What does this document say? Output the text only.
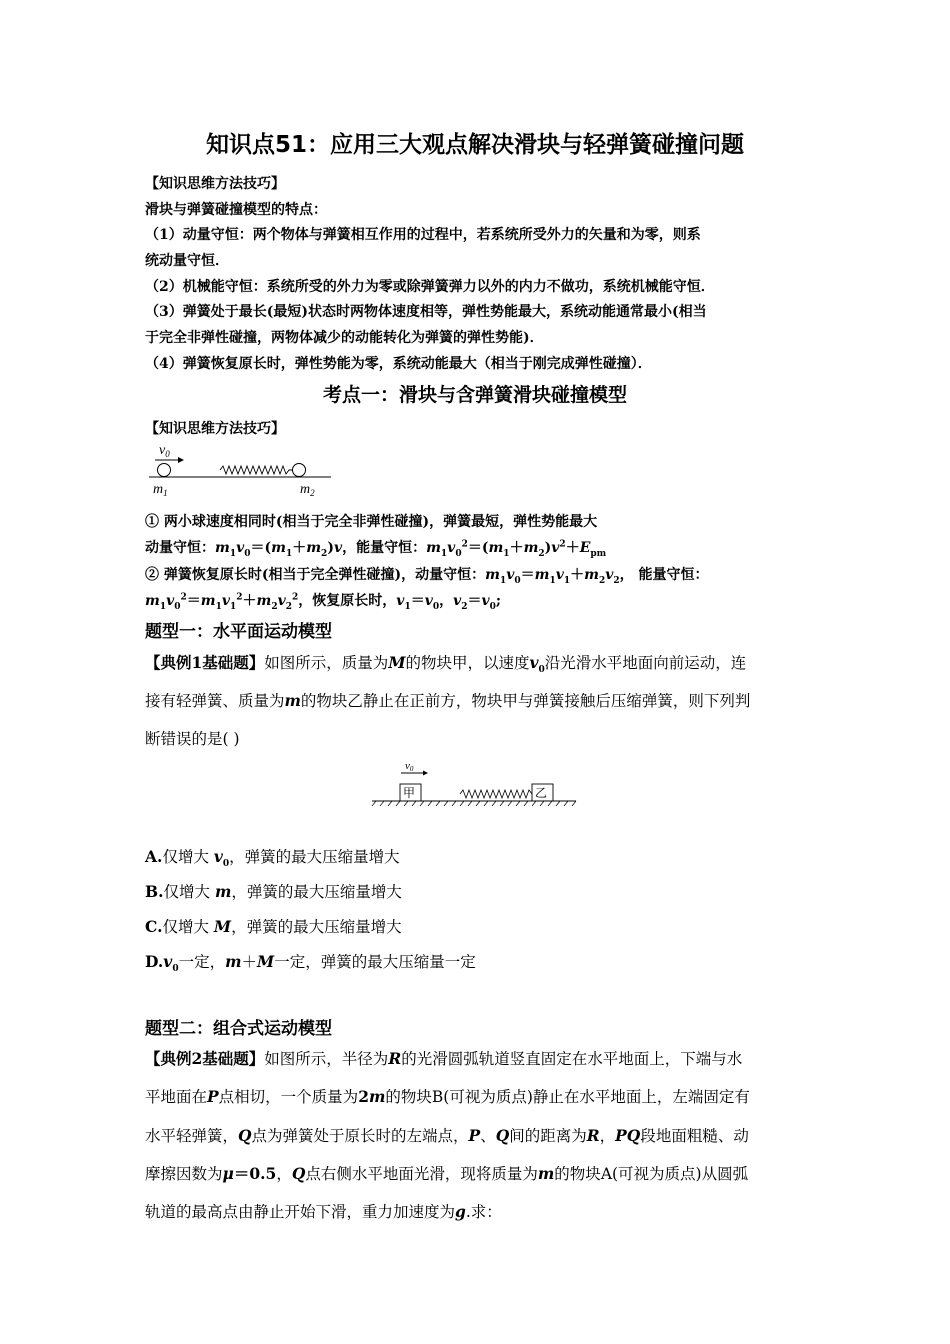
知识点51：应用三大观点解决滑块与轻弹簧碰撞问题
【知识思维方法技巧】
滑块与弹簧碰撞模型的特点：
（1）动量守恒：两个物体与弹簧相互作用的过程中，若系统所受外力的矢量和为零，则系
统动量守恒．
（2）机械能守恒：系统所受的外力为零或除弹簧弹力以外的内力不做功，系统机械能守恒．
（3）弹簧处于最长(最短)状态时两物体速度相等，弹性势能最大，系统动能通常最小(相当
于完全非弹性碰撞，两物体减少的动能转化为弹簧的弹性势能)．
（4）弹簧恢复原长时，弹性势能为零，系统动能最大（相当于刚完成弹性碰撞）．
考点一：滑块与含弹簧滑块碰撞模型
【知识思维方法技巧】
$v_0$
$m_1$	$m_2$
① 两小球速度相同时(相当于完全非弹性碰撞)，弹簧最短，弹性势能最大
动量守恒：$m_1v_0=(m_1+m_2)v$，能量守恒：$m_1v_0^2=(m_1+m_2)v^2+E_{pm}$
② 弹簧恢复原长时(相当于完全弹性碰撞)，动量守恒：$m_1v_0=m_1v_1+m_2v_2$， 能量守恒：
$m_1v_0^2=m_1v_1^2+m_2v_2^2$，恢复原长时，$v_1=v_0$，$v_2=v_0$;
题型一：水平面运动模型
【典例1基础题】如图所示，质量为M的物块甲，以速度$v_0$沿光滑水平地面向前运动，连
接有轻弹簧、质量为m的物块乙静止在正前方，物块甲与弹簧接触后压缩弹簧，则下列判
断错误的是( )
v0
甲	乙
A.仅增大 $v_0$，弹簧的最大压缩量增大
B.仅增大 m，弹簧的最大压缩量增大
C.仅增大 M，弹簧的最大压缩量增大
$D.v_0$一定，m＋M一定，弹簧的最大压缩量一定
题型二：组合式运动模型
【典例2基础题】如图所示，半径为R的光滑圆弧轨道竖直固定在水平地面上，下端与水
平地面在P点相切，一个质量为2m的物块B(可视为质点)静止在水平地面上，左端固定有
水平轻弹簧，Q点为弹簧处于原长时的左端点，P、Q间的距离为R，PQ段地面粗糙、动
摩擦因数为μ＝0.5，Q点右侧水平地面光滑，现将质量为m的物块A(可视为质点)从圆弧
轨道的最高点由静止开始下滑，重力加速度为g.求：
